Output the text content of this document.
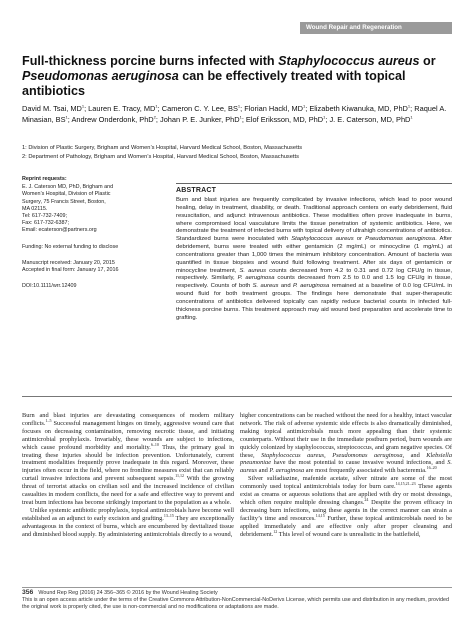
Wound Repair and Regeneration
Full-thickness porcine burns infected with Staphylococcus aureus or Pseudomonas aeruginosa can be effectively treated with topical antibiotics
David M. Tsai, $MD^1$; Lauren E. Tracy, $MD^1$; Cameron C. Y. Lee, $BS^1$; Florian Hackl, $MD^1$; Elizabeth Kiwanuka, MD, PhD$^1$; Raquel A. Minasian, $BS^1$; Andrew Onderdonk, PhD$^2$; Johan P. E. Junker, PhD$^1$; Elof Eriksson, MD, PhD$^1$; J. E. Caterson, MD, PhD$^1$
1: Division of Plastic Surgery, Brigham and Women’s Hospital, Harvard Medical School, Boston, Massachusetts
2: Department of Pathology, Brigham and Women’s Hospital, Harvard Medical School, Boston, Massachusetts
Reprint requests:
E. J. Caterson MD, PhD, Brigham and
Women’s Hospital, Division of Plastic
Surgery, 75 Francis Street, Boston,
MA 02115.
Tel: 617-732-7409;
Fax: 617-732-6387;
Email: ecaterson@partners.org
Funding: No external funding to disclose
Manuscript received: January 20, 2015
Accepted in final form: January 17, 2016
DOI:10.1111/wrr.12409
ABSTRACT
Burn and blast injuries are frequently complicated by invasive infections, which lead to poor wound healing, delay in treatment, disability, or death. Traditional approach centers on early debridement, fluid resuscitation, and adjunct intravenous antibiotics. These modalities often prove inadequate in burns, where compromised local vasculature limits the tissue penetration of systemic antibiotics. Here, we demonstrate the treatment of infected burns with topical delivery of ultrahigh concentrations of antibiotics. Standardized burns were inoculated with Staphylococcus aureus or Pseudomonas aeruginosa. After debridement, burns were treated with either gentamicin (2 mg/mL) or minocycline (1 mg/mL) at concentrations greater than 1,000 times the minimum inhibitory concentration. Amount of bacteria was quantified in tissue biopsies and wound fluid following treatment. After six days of gentamicin or minocycline treatment, S. aureus counts decreased from 4.2 to 0.31 and 0.72 log CFU/g in tissue, respectively. Similarly, P. aeruginosa counts decreased from 2.5 to 0.0 and 1.5 log CFU/g in tissue, respectively. Counts of both S. aureus and P. aeruginosa remained at a baseline of 0.0 log CFU/mL in wound fluid for both treatment groups. The findings here demonstrate that super-therapeutic concentrations of antibiotics delivered topically can rapidly reduce bacterial counts in infected full-thickness porcine burns. This treatment approach may aid wound bed preparation and accelerate time to grafting.

Burn and blast injuries are devastating consequences of modern military conflicts.$^{1-5}$ Successful management hinges on timely, aggressive wound care that focuses on decreasing contamination, removing necrotic tissue, and initiating antimicrobial prophylaxis. Invariably, these wounds are subject to infections, which cause profound morbidity and mortality.$^{6-10}$ Thus, the primary goal in treating these injuries should be infection prevention. Unfortunately, current treatment modalities frequently prove inadequate in this regard. Moreover, these injuries often occur in the field, where no frontline measures exist that can reliably curtail invasive infections and prevent subsequent sepsis.$^{11,12}$ With the growing threat of terrorist attacks on civilian soil and the increased incidence of civilian casualties in modern conflicts, the need for a safe and effective way to prevent and treat burn infections has become strikingly important to the population as a whole.

Unlike systemic antibiotic prophylaxis, topical antimicrobials have become well established as an adjunct to early excision and grafting.$^{13-15}$ They are exceptionally advantageous in the context of burns, which are encumbered by devitalized tissue and diminished blood supply. By administering antimicrobials directly to a wound,

higher concentrations can be reached without the need for a healthy, intact vascular network. The risk of adverse systemic side effects is also dramatically diminished, making topical antimicrobials much more appealing than their systemic counterparts. Without their use in the immediate postburn period, burn wounds are quickly colonized by staphylococcus, streptococcus, and gram negative species. Of these, Staphylococcus aureus, Pseudomonas aeruginosa, and Klebsiella pneumoniae have the most potential to cause invasive wound infections, and S. aureus and P. aeruginosa are most frequently associated with bacteremia.$^{16-20}$

Silver sulfadiazine, mafenide acetate, silver nitrate are some of the most commonly used topical antimicrobials today for burn care.$^{14,15,21-23}$ These agents exist as creams or aqueous solutions that are applied with dry or moist dressings, which often require multiple dressing changes.$^{24}$ Despite the proven efficacy in decreasing burn infections, using these agents in the correct manner can strain a facility’s time and resources.$^{14,15}$ Further, these topical antimicrobials need to be applied immediately and are effective only after proper cleansing and debridement.$^{12}$ This level of wound care is unrealistic in the battlefield,

356 Wound Rep Reg (2016) 24 356–365 © 2016 by the Wound Healing Society
This is an open access article under the terms of the Creative Commons Attribution-NonCommercial-NoDerivs License, which permits use and distribution in any medium, provided the original work is properly cited, the use is non-commercial and no modifications or adaptations are made.
